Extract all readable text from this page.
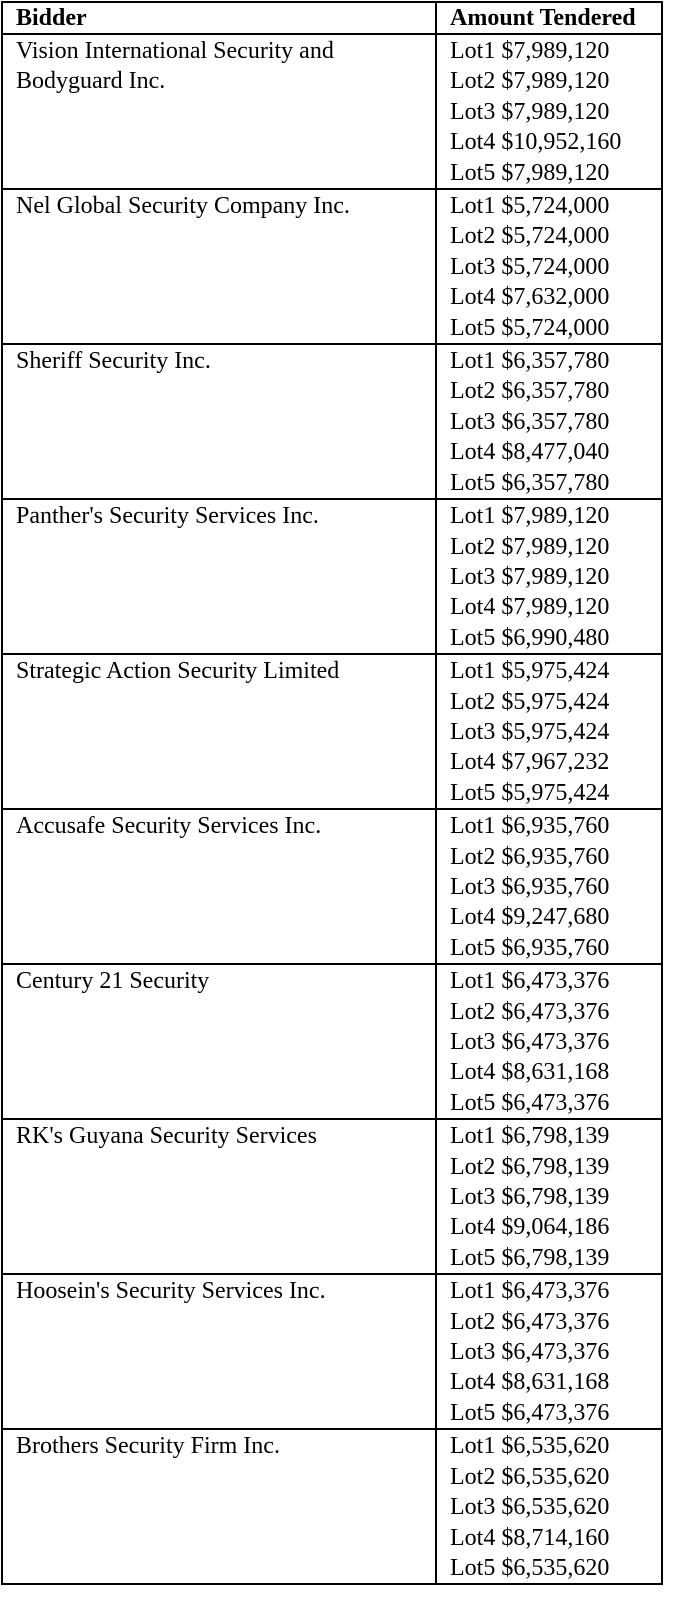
Bidder	Amount Tendered

Vision International Security and Bodyguard Inc.	Lot1 $7,989,120
Lot2 $7,989,120
Lot3 $7,989,120
Lot4 $10,952,160
Lot5 $7,989,120

Nel Global Security Company Inc.	Lot1 $5,724,000
Lot2 $5,724,000
Lot3 $5,724,000
Lot4 $7,632,000
Lot5 $5,724,000

Sheriff Security Inc.	Lot1 $6,357,780
Lot2 $6,357,780
Lot3 $6,357,780
Lot4 $8,477,040
Lot5 $6,357,780

Panther's Security Services Inc.	Lot1 $7,989,120
Lot2 $7,989,120
Lot3 $7,989,120
Lot4 $7,989,120
Lot5 $6,990,480

Strategic Action Security Limited	Lot1 $5,975,424
Lot2 $5,975,424
Lot3 $5,975,424
Lot4 $7,967,232
Lot5 $5,975,424

Accusafe Security Services Inc.	Lot1 $6,935,760
Lot2 $6,935,760
Lot3 $6,935,760
Lot4 $9,247,680
Lot5 $6,935,760

Century 21 Security	Lot1 $6,473,376
Lot2 $6,473,376
Lot3 $6,473,376
Lot4 $8,631,168
Lot5 $6,473,376

RK's Guyana Security Services	Lot1 $6,798,139
Lot2 $6,798,139
Lot3 $6,798,139
Lot4 $9,064,186
Lot5 $6,798,139

Hoosein's Security Services Inc.	Lot1 $6,473,376
Lot2 $6,473,376
Lot3 $6,473,376
Lot4 $8,631,168
Lot5 $6,473,376

Brothers Security Firm Inc.	Lot1 $6,535,620
Lot2 $6,535,620
Lot3 $6,535,620
Lot4 $8,714,160
Lot5 $6,535,620
